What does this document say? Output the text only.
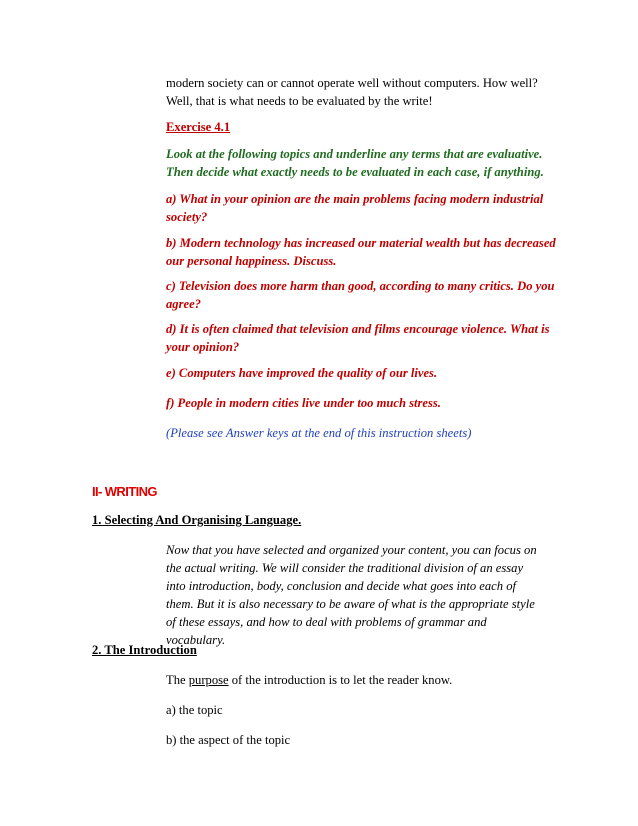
modern society can or cannot operate well without computers. How well?
Well, that is what needs to be evaluated by the write!

Exercise 4.1

Look at the following topics and underline any terms that are evaluative. Then decide what exactly needs to be evaluated in each case, if anything.

a) What in your opinion are the main problems facing modern industrial society?

b) Modern technology has increased our material wealth but has decreased our personal happiness. Discuss.

c) Television does more harm than good, according to many critics. Do you agree?

d) It is often claimed that television and films encourage violence. What is your opinion?

e) Computers have improved the quality of our lives.

f) People in modern cities live under too much stress.

(Please see Answer keys at the end of this instruction sheets)

II- WRITING

1. Selecting And Organising Language.

Now that you have selected and organized your content, you can focus on the actual writing. We will consider the traditional division of an essay into introduction, body, conclusion and decide what goes into each of them. But it is also necessary to be aware of what is the appropriate style of these essays, and how to deal with problems of grammar and vocabulary.

2. The Introduction

The purpose of the introduction is to let the reader know.

a) the topic

b) the aspect of the topic
